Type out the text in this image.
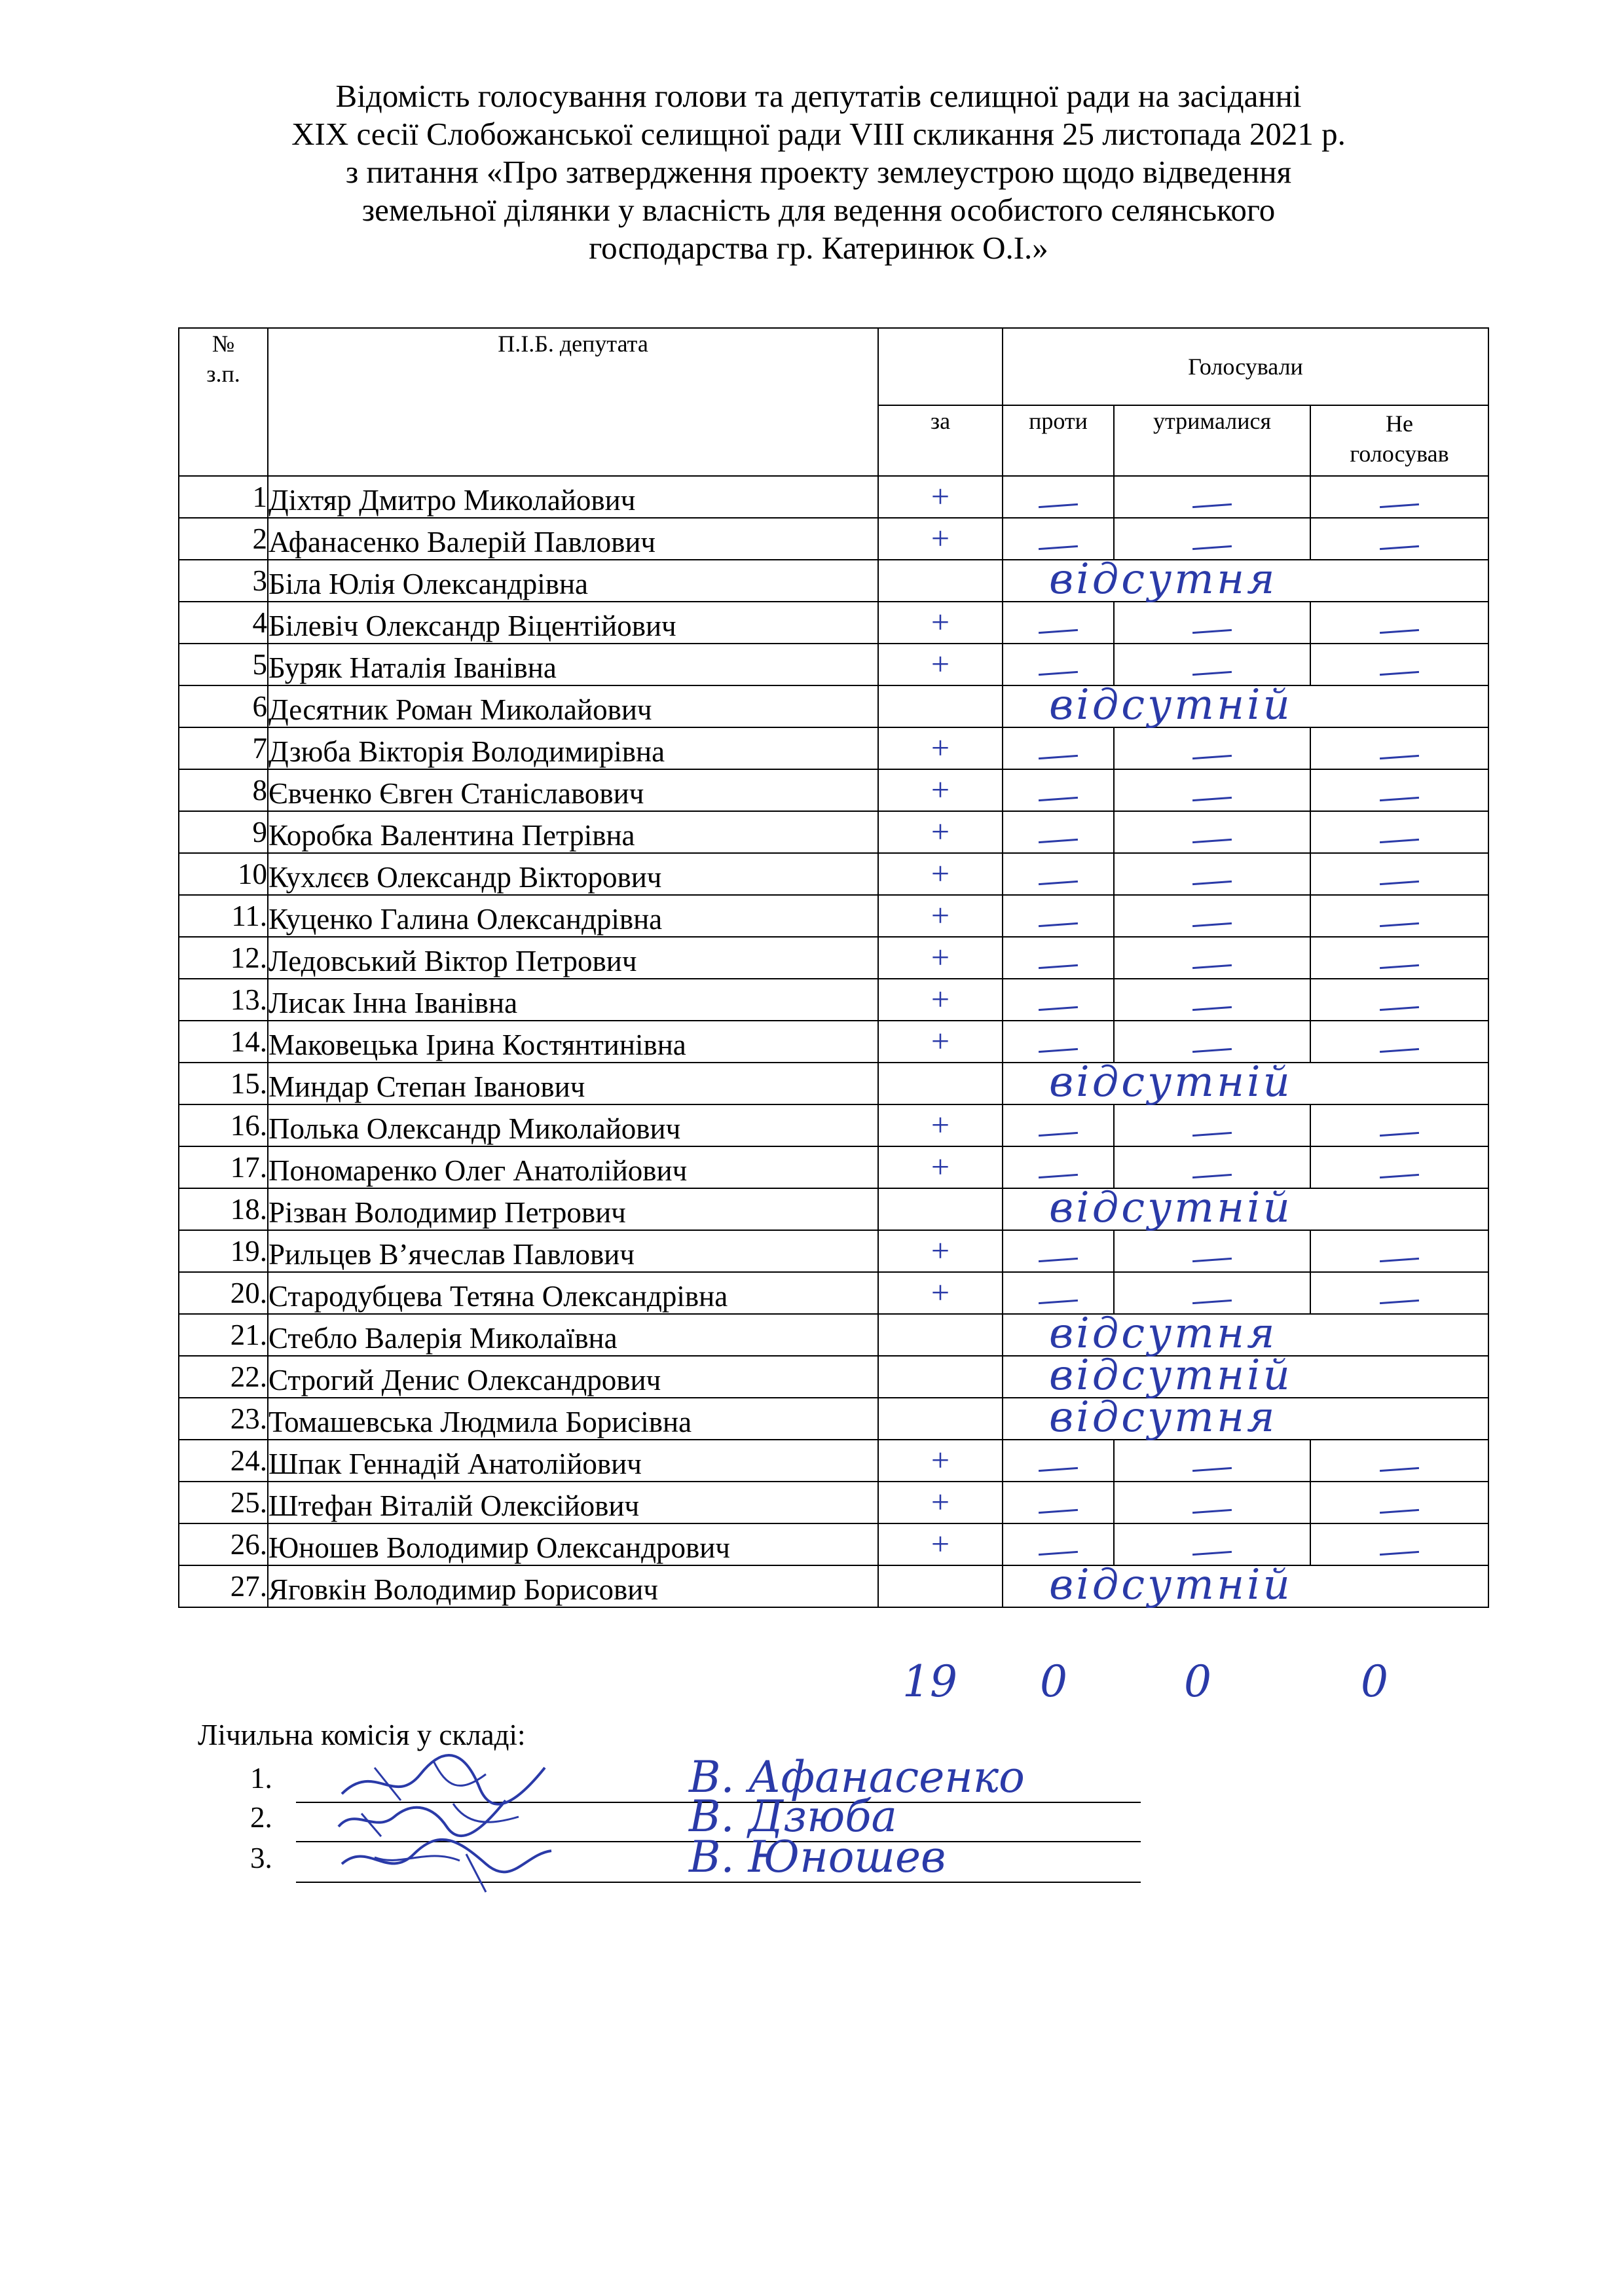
Відомість голосування голови та депутатів селищної ради на засіданні
ХІХ сесії Слобожанської селищної ради VІІІ скликання 25 листопада 2021 р.
з питання «Про затвердження проекту землеустрою щодо відведення
земельної ділянки у власність для ведення особистого селянського
господарства гр. Катеринюк О.І.»
№
з.п.	П.І.Б. депутата		Голосували		
		за	проти	утрималися	Не
голосував
1	Діхтяр Дмитро Миколайович	+			
2	Афанасенко Валерій Павлович	+			
3	Біла Юлія Олександрівна		відсутня		

4	Білевіч Олександр Віцентійович	+			
5	Буряк Наталія Іванівна	+			
6	Десятник Роман Миколайович		відсутній		

7	Дзюба Вікторія Володимирівна	+			
8	Євченко Євген Станіславович	+			
9	Коробка Валентина Петрівна	+			
10	Кухлєєв Олександр Вікторович	+			
11.	Куценко Галина Олександрівна	+			
12.	Ледовський Віктор Петрович	+			
13.	Лисак Інна Іванівна	+			
14.	Маковецька Ірина Костянтинівна	+			
15.	Миндар Степан Іванович		відсутній		

16.	Полька Олександр Миколайович	+			
17.	Пономаренко Олег Анатолійович	+			
18.	Різван Володимир Петрович		відсутній		

19.	Рильцев В’ячеслав Павлович	+			
20.	Стародубцева Тетяна Олександрівна	+			
21.	Стебло Валерія Миколаївна		відсутня		

22.	Строгий Денис Олександрович		відсутній		

23.	Томашевська Людмила Борисівна		відсутня		

24.	Шпак Геннадій Анатолійович	+			
25.	Штефан Віталій Олексійович	+			
26.	Юношев Володимир Олександрович	+			
27.	Яговкін Володимир Борисович		відсутній		
19 0	0	0
Лічильна комісія у складі:
1.	В. Афанасенко
2.	В. Дзюба
3.	В. Юношев
